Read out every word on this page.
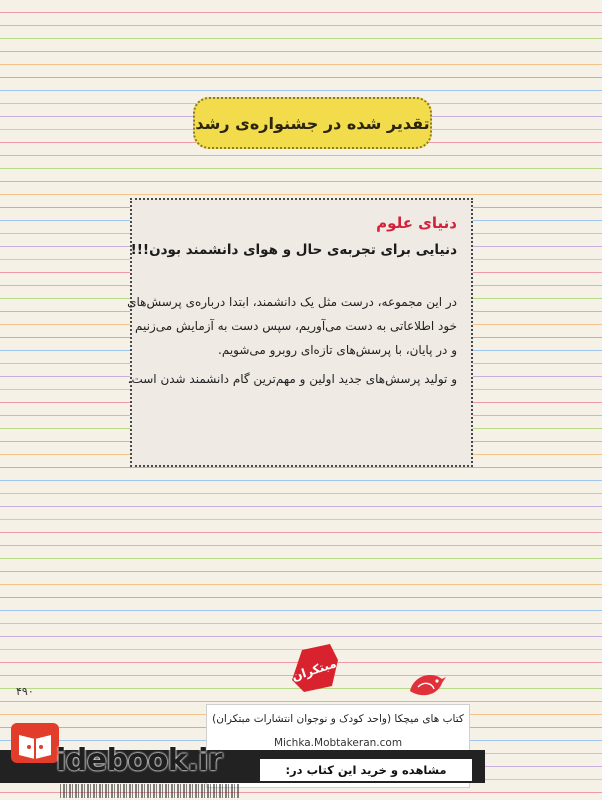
تقدیر شده در جشنواره‌ی رشد

دنیای علوم

دنیایی برای تجربه‌ی حال و هوای دانشمند بودن!!!

در این مجموعه، درست مثل یک دانشمند، ابتدا درباره‌ی پرسش‌های

خود اطلاعاتی به دست می‌آوریم، سپس دست به آزمایش می‌زنیم

و در پایان، با پرسش‌های تازه‌ای روبرو می‌شویم.

و تولید پرسش‌های جدید اولین و مهم‌ترین گام دانشمند شدن است.

۴۹۰
مبتکران
کتاب های میچکا (واحد کودک و نوجوان انتشارات مبتکران)
Michka.Mobtakeran.com
idebook.ir	مشاهده و خرید این کتاب در:
